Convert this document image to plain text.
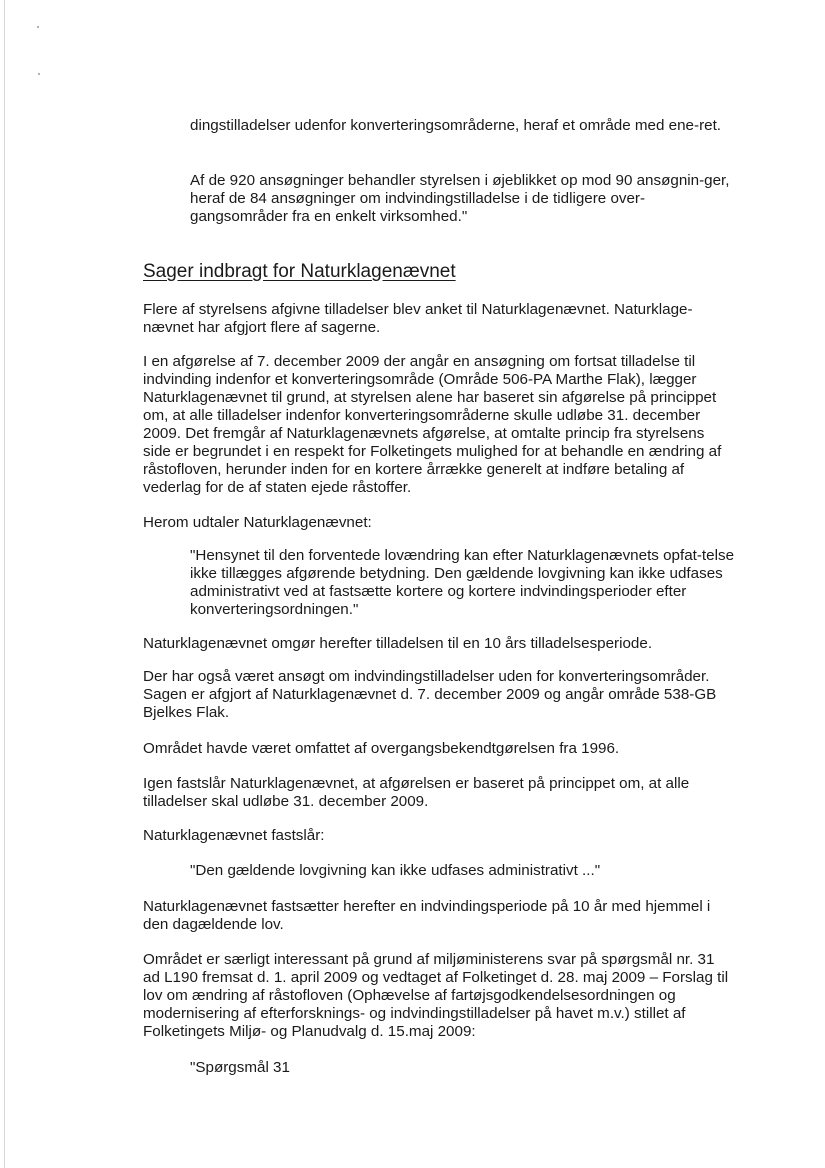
dingstilladelser udenfor konverteringsområderne, heraf et område med ene-ret.

Af de 920 ansøgninger behandler styrelsen i øjeblikket op mod 90 ansøgnin-ger, heraf de 84 ansøgninger om indvindingstilladelse i de tidligere over-gangsområder fra en enkelt virksomhed."

Sager indbragt for Naturklagenævnet

Flere af styrelsens afgivne tilladelser blev anket til Naturklagenævnet. Naturklage-nævnet har afgjort flere af sagerne.

I en afgørelse af 7. december 2009 der angår en ansøgning om fortsat tilladelse til indvinding indenfor et konverteringsområde (Område 506-PA Marthe Flak), lægger Naturklagenævnet til grund, at styrelsen alene har baseret sin afgørelse på princippet om, at alle tilladelser indenfor konverteringsområderne skulle udløbe 31. december 2009. Det fremgår af Naturklagenævnets afgørelse, at omtalte princip fra styrelsens side er begrundet i en respekt for Folketingets mulighed for at behandle en ændring af råstofloven, herunder inden for en kortere årrække generelt at indføre betaling af vederlag for de af staten ejede råstoffer.

Herom udtaler Naturklagenævnet:

"Hensynet til den forventede lovændring kan efter Naturklagenævnets opfat-telse ikke tillægges afgørende betydning. Den gældende lovgivning kan ikke udfases administrativt ved at fastsætte kortere og kortere indvindingsperioder efter konverteringsordningen."

Naturklagenævnet omgør herefter tilladelsen til en 10 års tilladelsesperiode.

Der har også været ansøgt om indvindingstilladelser uden for konverteringsområder. Sagen er afgjort af Naturklagenævnet d. 7. december 2009 og angår område 538-GB Bjelkes Flak.

Området havde været omfattet af overgangsbekendtgørelsen fra 1996.

Igen fastslår Naturklagenævnet, at afgørelsen er baseret på princippet om, at alle tilladelser skal udløbe 31. december 2009.

Naturklagenævnet fastslår:

"Den gældende lovgivning kan ikke udfases administrativt ..."

Naturklagenævnet fastsætter herefter en indvindingsperiode på 10 år med hjemmel i den dagældende lov.

Området er særligt interessant på grund af miljøministerens svar på spørgsmål nr. 31 ad L190 fremsat d. 1. april 2009 og vedtaget af Folketinget d. 28. maj 2009 – Forslag til lov om ændring af råstofloven (Ophævelse af fartøjsgodkendelsesordningen og modernisering af efterforsknings- og indvindingstilladelser på havet m.v.) stillet af Folketingets Miljø- og Planudvalg d. 15.maj 2009:

"Spørgsmål 31
